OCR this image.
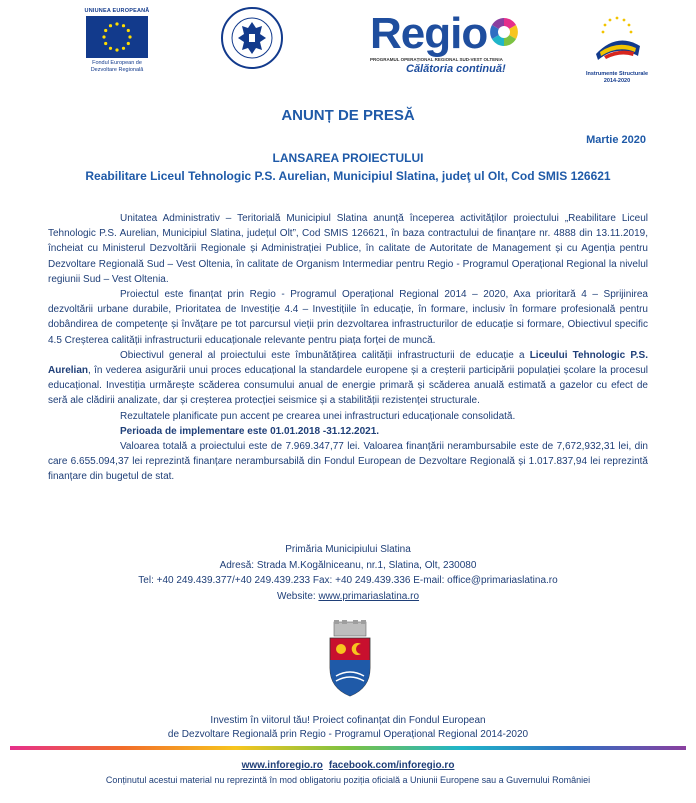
UNIUNEA EUROPEANĂ
Fondul European de
Dezvoltare Regională
Regio
PROGRAMUL OPERAȚIONAL REGIONAL SUD-VEST OLTENIA
Călătoria continuă!	Instrumente Structurale
2014-2020
ANUNȚ DE PRESĂ
Martie 2020
LANSAREA PROIECTULUI
Reabilitare Liceul Tehnologic P.S. Aurelian, Municipiul Slatina, judeţ ul Olt, Cod SMIS 126621

Unitatea Administrativ – Teritorială Municipiul Slatina anunță începerea activităților proiectului „Reabilitare Liceul Tehnologic P.S. Aurelian, Municipiul Slatina, județul Olt”, Cod SMIS 126621, în baza contractului de finanțare nr. 4888 din 13.11.2019, încheiat cu Ministerul Dezvoltării Regionale și Administrației Publice, în calitate de Autoritate de Management și cu Agenția pentru Dezvoltare Regională Sud – Vest Oltenia, în calitate de Organism Intermediar pentru Regio - Programul Operațional Regional la nivelul regiunii Sud – Vest Oltenia.

Proiectul este finanțat prin Regio - Programul Operațional Regional 2014 – 2020, Axa prioritară 4 – Sprijinirea dezvoltării urbane durabile, Prioritatea de Investiție 4.4 – Investițiile în educație, în formare, inclusiv în formare profesională pentru dobândirea de competențe și învățare pe tot parcursul vieții prin dezvoltarea infrastructurilor de educație si formare, Obiectivul specific 4.5 Creșterea calității infrastructurii educaționale relevante pentru piața forței de muncă.

Obiectivul general al proiectului este îmbunătățirea calității infrastructurii de educație a Liceului Tehnologic P.S. Aurelian, în vederea asigurării unui proces educațional la standardele europene și a creșterii participării populației școlare la procesul educațional. Investiția urmărește scăderea consumului anual de energie primară și scăderea anuală estimată a gazelor cu efect de seră ale clădirii analizate, dar și creșterea protecției seismice și a stabilității rezistenței structurale.

Rezultatele planificate pun accent pe crearea unei infrastructuri educaționale consolidată.

Perioada de implementare este 01.01.2018 -31.12.2021.

Valoarea totală a proiectului este de 7.969.347,77 lei. Valoarea finanțării nerambursabile este de 7,672,932,31 lei, din care 6.655.094,37 lei reprezintă finanțare nerambursabilă din Fondul European de Dezvoltare Regională și 1.017.837,94 lei reprezintă finanțare din bugetul de stat.

Primăria Municipiului Slatina
Adresă: Strada M.Kogălniceanu, nr.1, Slatina, Olt, 230080
Tel: +40 249.439.377/+40 249.439.233 Fax: +40 249.439.336 E-mail: office@primariaslatina.ro
Website: www.primariaslatina.ro
Investim în viitorul tău! Proiect cofinanțat din Fondul European
de Dezvoltare Regională prin Regio - Programul Operațional Regional 2014-2020
www.inforegio.ro facebook.com/inforegio.ro
Conținutul acestui material nu reprezintă în mod obligatoriu poziția oficială a Uniunii Europene sau a Guvernului României
